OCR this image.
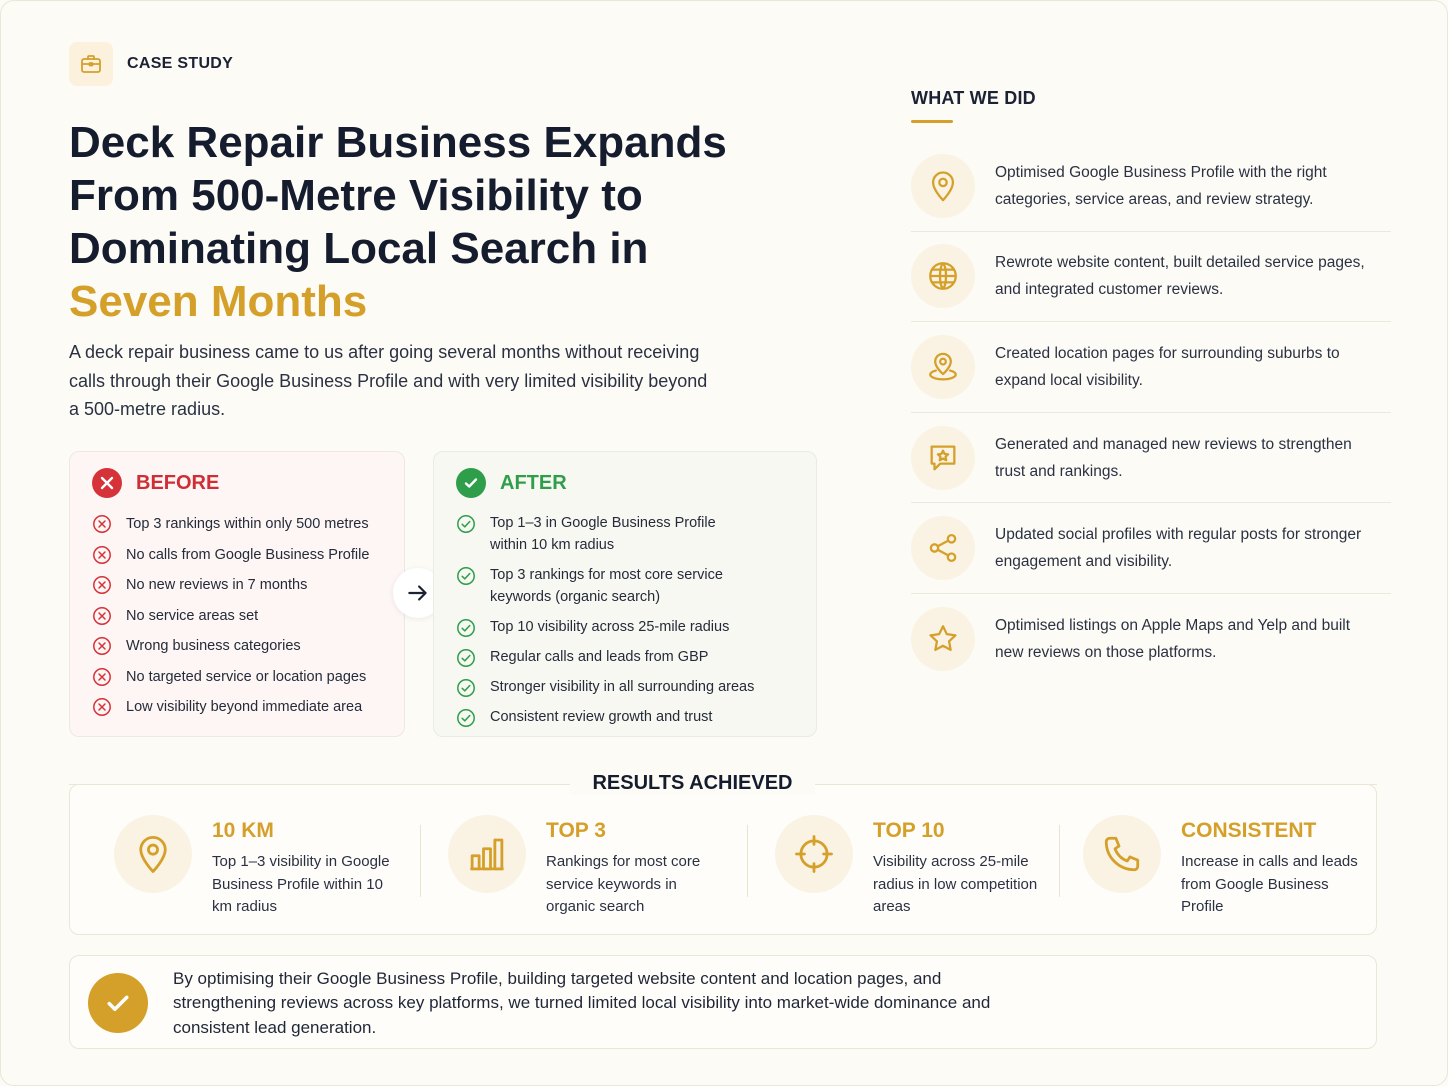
CASE STUDY
Deck Repair Business Expands From 500-Metre Visibility to Dominating Local Search in
Seven Months

A deck repair business came to us after going several months without receiving calls through their Google Business Profile and with very limited visibility beyond a 500-metre radius.

BEFORE
Top 3 rankings within only 500 metres
No calls from Google Business Profile
No new reviews in 7 months
No service areas set
Wrong business categories
No targeted service or location pages
Low visibility beyond immediate area
AFTER
Top 1–3 in Google Business Profile within 10 km radius
Top 3 rankings for most core service keywords (organic search)
Top 10 visibility across 25-mile radius
Regular calls and leads from GBP
Stronger visibility in all surrounding areas
Consistent review growth and trust
WHAT WE DID

Optimised Google Business Profile with the right categories, service areas, and review strategy.

Rewrote website content, built detailed service pages, and integrated customer reviews.

Created location pages for surrounding suburbs to expand local visibility.

Generated and managed new reviews to strengthen trust and rankings.

Updated social profiles with regular posts for stronger engagement and visibility.

Optimised listings on Apple Maps and Yelp and built new reviews on those platforms.

10 KM
Top 1–3 visibility in Google Business Profile within 10 km radius
TOP 3
Rankings for most core service keywords in organic search
TOP 10
Visibility across 25-mile radius in low competition areas
CONSISTENT
Increase in calls and leads from Google Business Profile
RESULTS ACHIEVED

By optimising their Google Business Profile, building targeted website content and location pages, and strengthening reviews across key platforms, we turned limited local visibility into market-wide dominance and consistent lead generation.
